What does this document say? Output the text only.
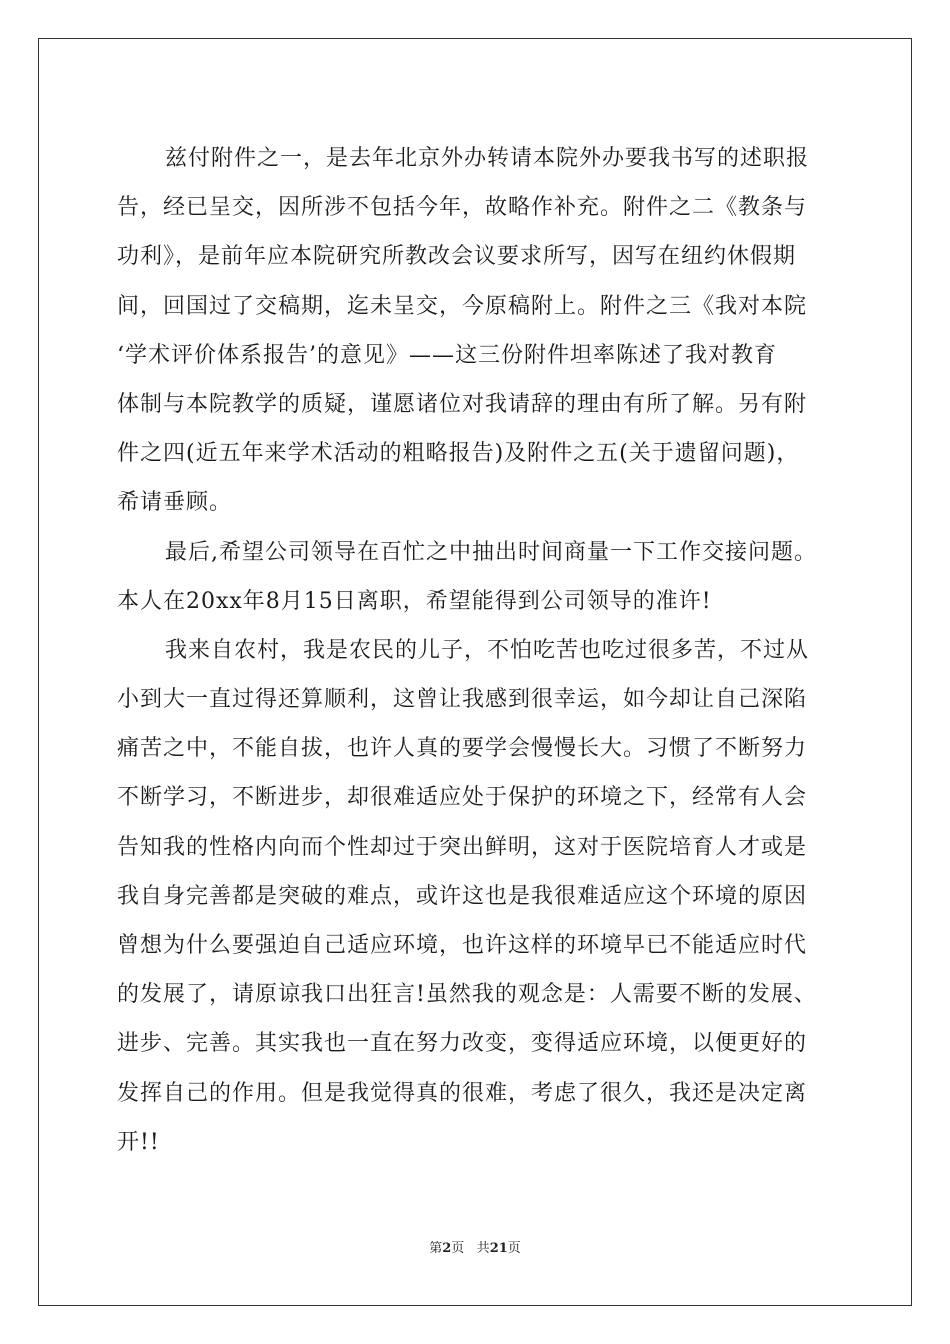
兹付附件之一，是去年北京外办转请本院外办要我书写的述职报
告，经已呈交，因所涉不包括今年，故略作补充。附件之二《教条与
功利》，是前年应本院研究所教改会议要求所写，因写在纽约休假期
间，回国过了交稿期，迄未呈交，今原稿附上。附件之三《我对本院
‘学术评价体系报告’的意见》——这三份附件坦率陈述了我对教育
体制与本院教学的质疑，谨愿诸位对我请辞的理由有所了解。另有附
件之四(近五年来学术活动的粗略报告)及附件之五(关于遗留问题)，
希请垂顾。
最后,希望公司领导在百忙之中抽出时间商量一下工作交接问题。
本人在20xx年8月15日离职，希望能得到公司领导的准许!
我来自农村，我是农民的儿子，不怕吃苦也吃过很多苦，不过从
小到大一直过得还算顺利，这曾让我感到很幸运，如今却让自己深陷
痛苦之中，不能自拔，也许人真的要学会慢慢长大。习惯了不断努力
不断学习，不断进步，却很难适应处于保护的环境之下，经常有人会
告知我的性格内向而个性却过于突出鲜明，这对于医院培育人才或是
我自身完善都是突破的难点，或许这也是我很难适应这个环境的原因
曾想为什么要强迫自己适应环境，也许这样的环境早已不能适应时代
的发展了，请原谅我口出狂言!虽然我的观念是：人需要不断的发展、
进步、完善。其实我也一直在努力改变，变得适应环境，以便更好的
发挥自己的作用。但是我觉得真的很难，考虑了很久，我还是决定离
开!!
第2页 共21页
